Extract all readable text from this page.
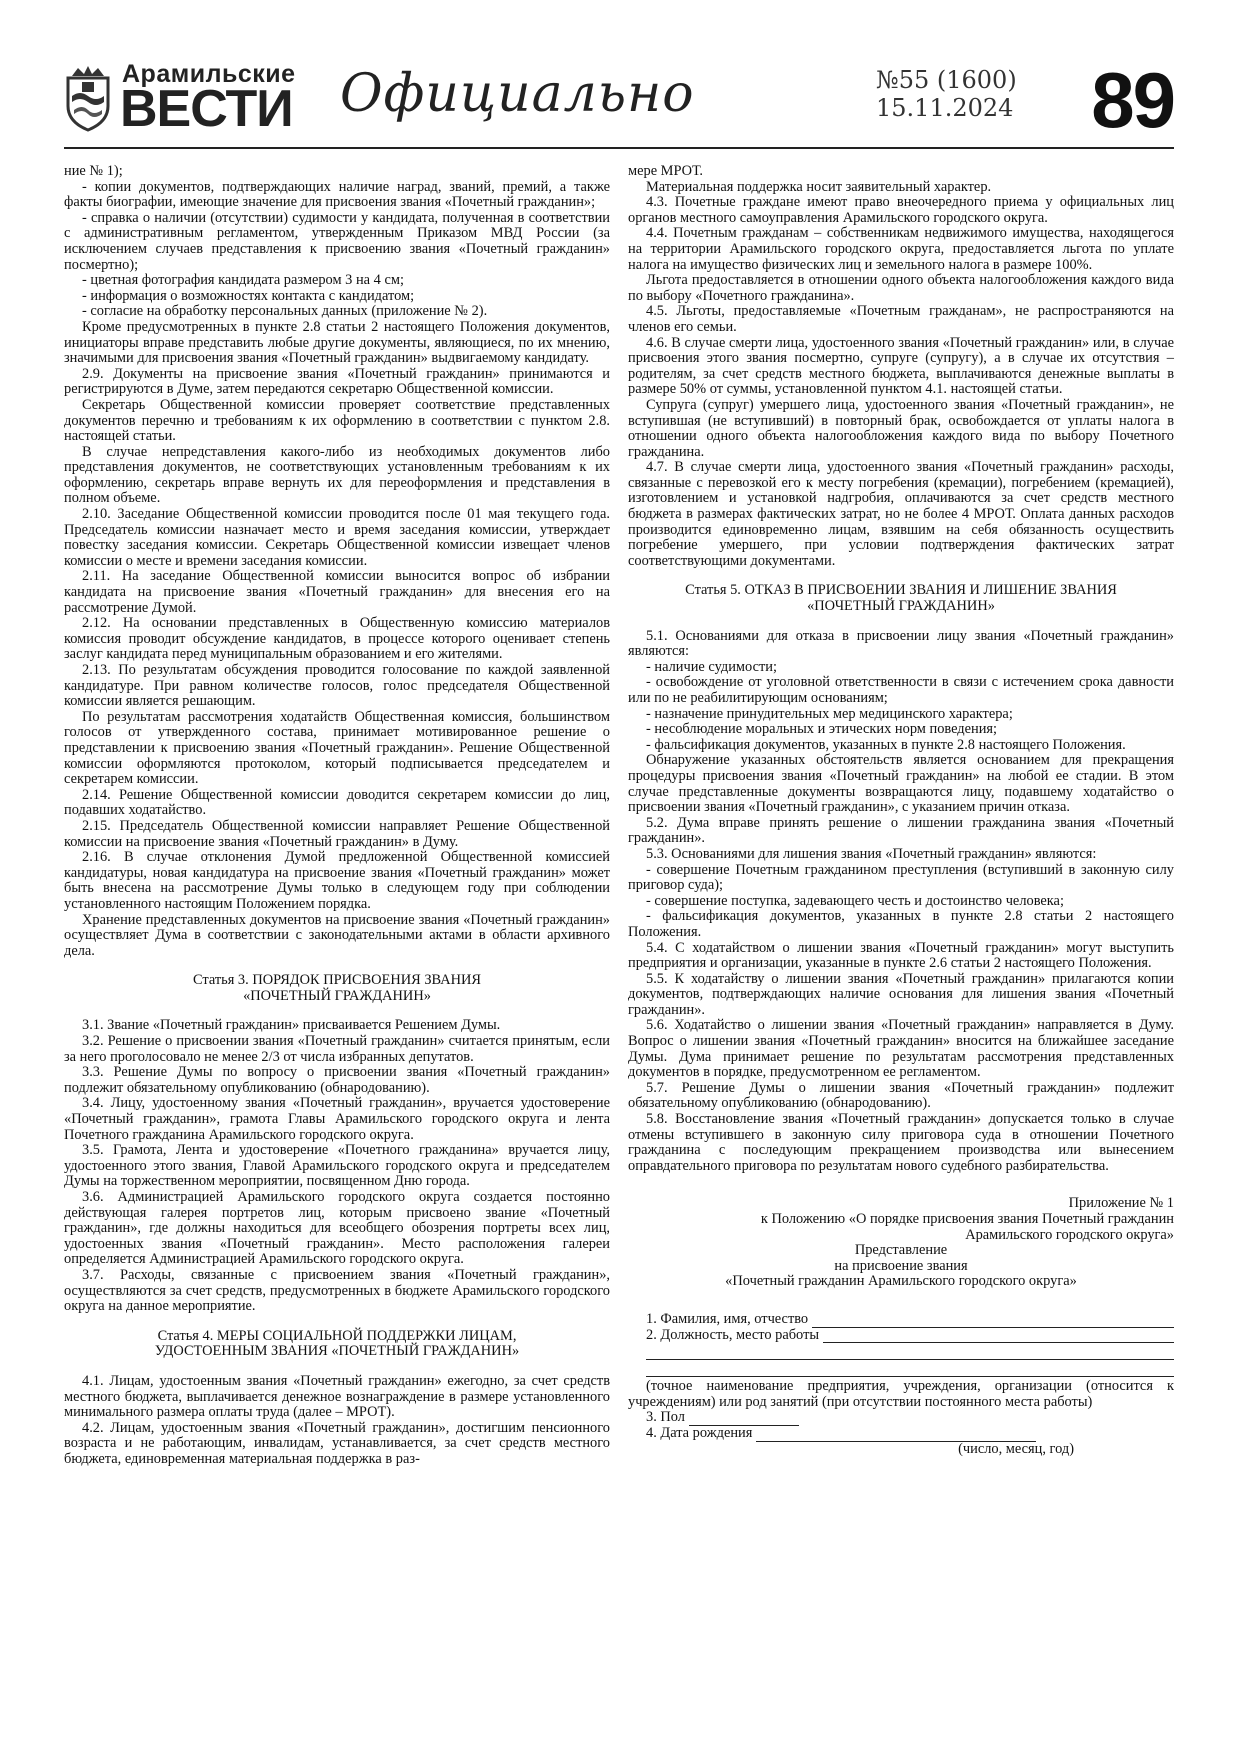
Арамильские
ВЕСТИ Официально	№55 (1600)
15.11.2024 89

ние № 1);

- копии документов, подтверждающих наличие наград, званий, премий, а также факты биографии, имеющие значение для присвоения звания «Почетный гражданин»;

- справка о наличии (отсутствии) судимости у кандидата, полученная в соответствии с административным регламентом, утвержденным Приказом МВД России (за исключением случаев представления к присвоению звания «Почетный гражданин» посмертно);

- цветная фотография кандидата размером 3 на 4 см;

- информация о возможностях контакта с кандидатом;

- согласие на обработку персональных данных (приложение № 2).

Кроме предусмотренных в пункте 2.8 статьи 2 настоящего Положения документов, инициаторы вправе представить любые другие документы, являющиеся, по их мнению, значимыми для присвоения звания «Почетный гражданин» выдвигаемому кандидату.

2.9. Документы на присвоение звания «Почетный гражданин» принимаются и регистрируются в Думе, затем передаются секретарю Общественной комиссии.

Секретарь Общественной комиссии проверяет соответствие представленных документов перечню и требованиям к их оформлению в соответствии с пунктом 2.8. настоящей статьи.

В случае непредставления какого-либо из необходимых документов либо представления документов, не соответствующих установленным требованиям к их оформлению, секретарь вправе вернуть их для переоформления и представления в полном объеме.

2.10. Заседание Общественной комиссии проводится после 01 мая текущего года. Председатель комиссии назначает место и время заседания комиссии, утверждает повестку заседания комиссии. Секретарь Общественной комиссии извещает членов комиссии о месте и времени заседания комиссии.

2.11. На заседание Общественной комиссии выносится вопрос об избрании кандидата на присвоение звания «Почетный гражданин» для внесения его на рассмотрение Думой.

2.12. На основании представленных в Общественную комиссию материалов комиссия проводит обсуждение кандидатов, в процессе которого оценивает степень заслуг кандидата перед муниципальным образованием и его жителями.

2.13. По результатам обсуждения проводится голосование по каждой заявленной кандидатуре. При равном количестве голосов, голос председателя Общественной комиссии является решающим.

По результатам рассмотрения ходатайств Общественная комиссия, большинством голосов от утвержденного состава, принимает мотивированное решение о представлении к присвоению звания «Почетный гражданин». Решение Общественной комиссии оформляются протоколом, который подписывается председателем и секретарем комиссии.

2.14. Решение Общественной комиссии доводится секретарем комиссии до лиц, подавших ходатайство.

2.15. Председатель Общественной комиссии направляет Решение Общественной комиссии на присвоение звания «Почетный гражданин» в Думу.

2.16. В случае отклонения Думой предложенной Общественной комиссией кандидатуры, новая кандидатура на присвоение звания «Почетный гражданин» может быть внесена на рассмотрение Думы только в следующем году при соблюдении установленного настоящим Положением порядка.

Хранение представленных документов на присвоение звания «Почетный гражданин» осуществляет Дума в соответствии с законодательными актами в области архивного дела.

Статья 3. ПОРЯДОК ПРИСВОЕНИЯ ЗВАНИЯ
«ПОЧЕТНЫЙ ГРАЖДАНИН»

3.1. Звание «Почетный гражданин» присваивается Решением Думы.

3.2. Решение о присвоении звания «Почетный гражданин» считается принятым, если за него проголосовало не менее 2/3 от числа избранных депутатов.

3.3. Решение Думы по вопросу о присвоении звания «Почетный гражданин» подлежит обязательному опубликованию (обнародованию).

3.4. Лицу, удостоенному звания «Почетный гражданин», вручается удостоверение «Почетный гражданин», грамота Главы Арамильского городского округа и лента Почетного гражданина Арамильского городского округа.

3.5. Грамота, Лента и удостоверение «Почетного гражданина» вручается лицу, удостоенного этого звания, Главой Арамильского городского округа и председателем Думы на торжественном мероприятии, посвященном Дню города.

3.6. Администрацией Арамильского городского округа создается постоянно действующая галерея портретов лиц, которым присвоено звание «Почетный гражданин», где должны находиться для всеобщего обозрения портреты всех лиц, удостоенных звания «Почетный гражданин». Место расположения галереи определяется Администрацией Арамильского городского округа.

3.7. Расходы, связанные с присвоением звания «Почетный гражданин», осуществляются за счет средств, предусмотренных в бюджете Арамильского городского округа на данное мероприятие.

Статья 4. МЕРЫ СОЦИАЛЬНОЙ ПОДДЕРЖКИ ЛИЦАМ,
УДОСТОЕННЫМ ЗВАНИЯ «ПОЧЕТНЫЙ ГРАЖДАНИН»

4.1. Лицам, удостоенным звания «Почетный гражданин» ежегодно, за счет средств местного бюджета, выплачивается денежное вознаграждение в размере установленного минимального размера оплаты труда (далее – МРОТ).

4.2. Лицам, удостоенным звания «Почетный гражданин», достигшим пенсионного возраста и не работающим, инвалидам, устанавливается, за счет средств местного бюджета, единовременная материальная поддержка в раз-

мере МРОТ.

Материальная поддержка носит заявительный характер.

4.3. Почетные граждане имеют право внеочередного приема у официальных лиц органов местного самоуправления Арамильского городского округа.

4.4. Почетным гражданам – собственникам недвижимого имущества, находящегося на территории Арамильского городского округа, предоставляется льгота по уплате налога на имущество физических лиц и земельного налога в размере 100%.

Льгота предоставляется в отношении одного объекта налогообложения каждого вида по выбору «Почетного гражданина».

4.5. Льготы, предоставляемые «Почетным гражданам», не распространяются на членов его семьи.

4.6. В случае смерти лица, удостоенного звания «Почетный гражданин» или, в случае присвоения этого звания посмертно, супруге (супругу), а в случае их отсутствия – родителям, за счет средств местного бюджета, выплачиваются денежные выплаты в размере 50% от суммы, установленной пунктом 4.1. настоящей статьи.

Супруга (супруг) умершего лица, удостоенного звания «Почетный гражданин», не вступившая (не вступивший) в повторный брак, освобождается от уплаты налога в отношении одного объекта налогообложения каждого вида по выбору Почетного гражданина.

4.7. В случае смерти лица, удостоенного звания «Почетный гражданин» расходы, связанные с перевозкой его к месту погребения (кремации), погребением (кремацией), изготовлением и установкой надгробия, оплачиваются за счет средств местного бюджета в размерах фактических затрат, но не более 4 МРОТ. Оплата данных расходов производится единовременно лицам, взявшим на себя обязанность осуществить погребение умершего, при условии подтверждения фактических затрат соответствующими документами.

Статья 5. ОТКАЗ В ПРИСВОЕНИИ ЗВАНИЯ И ЛИШЕНИЕ ЗВАНИЯ
«ПОЧЕТНЫЙ ГРАЖДАНИН»

5.1. Основаниями для отказа в присвоении лицу звания «Почетный гражданин» являются:

- наличие судимости;

- освобождение от уголовной ответственности в связи с истечением срока давности или по не реабилитирующим основаниям;

- назначение принудительных мер медицинского характера;

- несоблюдение моральных и этических норм поведения;

- фальсификация документов, указанных в пункте 2.8 настоящего Положения.

Обнаружение указанных обстоятельств является основанием для прекращения процедуры присвоения звания «Почетный гражданин» на любой ее стадии. В этом случае представленные документы возвращаются лицу, подавшему ходатайство о присвоении звания «Почетный гражданин», с указанием причин отказа.

5.2. Дума вправе принять решение о лишении гражданина звания «Почетный гражданин».

5.3. Основаниями для лишения звания «Почетный гражданин» являются:

- совершение Почетным гражданином преступления (вступивший в законную силу приговор суда);

- совершение поступка, задевающего честь и достоинство человека;

- фальсификация документов, указанных в пункте 2.8 статьи 2 настоящего Положения.

5.4. С ходатайством о лишении звания «Почетный гражданин» могут выступить предприятия и организации, указанные в пункте 2.6 статьи 2 настоящего Положения.

5.5. К ходатайству о лишении звания «Почетный гражданин» прилагаются копии документов, подтверждающих наличие основания для лишения звания «Почетный гражданин».

5.6. Ходатайство о лишении звания «Почетный гражданин» направляется в Думу. Вопрос о лишении звания «Почетный гражданин» вносится на ближайшее заседание Думы. Дума принимает решение по результатам рассмотрения представленных документов в порядке, предусмотренном ее регламентом.

5.7. Решение Думы о лишении звания «Почетный гражданин» подлежит обязательному опубликованию (обнародованию).

5.8. Восстановление звания «Почетный гражданин» допускается только в случае отмены вступившего в законную силу приговора суда в отношении Почетного гражданина с последующим прекращением производства или вынесением оправдательного приговора по результатам нового судебного разбирательства.

Приложение № 1
к Положению «О порядке присвоения звания Почетный гражданин
Арамильского городского округа»
Представление
на присвоение звания
«Почетный гражданин Арамильского городского округа»
1. Фамилия, имя, отчество
2. Должность, место работы

(точное наименование предприятия, учреждения, организации (относится к учреждениям) или род занятий (при отсутствии постоянного места работы)

3. Пол
4. Дата рождения
(число, месяц, год)
